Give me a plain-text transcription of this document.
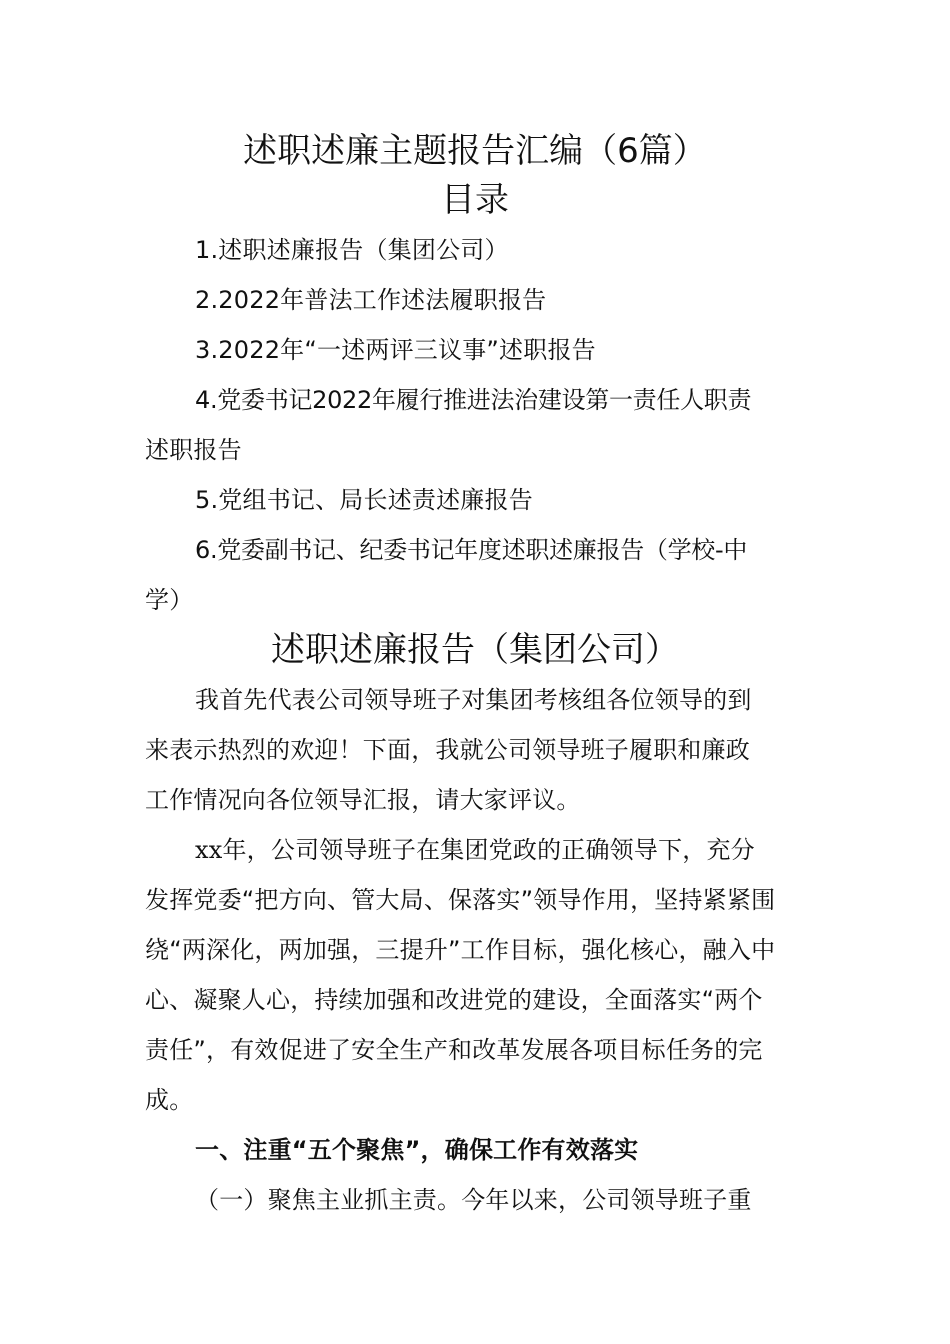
述职述廉主题报告汇编（6篇）
目录
1.述职述廉报告（集团公司）
2.2022年普法工作述法履职报告
3.2022年“一述两评三议事”述职报告
4.党委书记2022年履行推进法治建设第一责任人职责
述职报告
5.党组书记、局长述责述廉报告
6.党委副书记、纪委书记年度述职述廉报告（学校-中
学）
述职述廉报告（集团公司）
我首先代表公司领导班子对集团考核组各位领导的到
来表示热烈的欢迎！下面，我就公司领导班子履职和廉政
工作情况向各位领导汇报，请大家评议。
xx年，公司领导班子在集团党政的正确领导下，充分
发挥党委“把方向、管大局、保落实”领导作用，坚持紧紧围
绕“两深化，两加强，三提升”工作目标，强化核心，融入中
心、凝聚人心，持续加强和改进党的建设，全面落实“两个
责任”，有效促进了安全生产和改革发展各项目标任务的完
成。
一、注重“五个聚焦”，确保工作有效落实
（一）聚焦主业抓主责。今年以来，公司领导班子重
